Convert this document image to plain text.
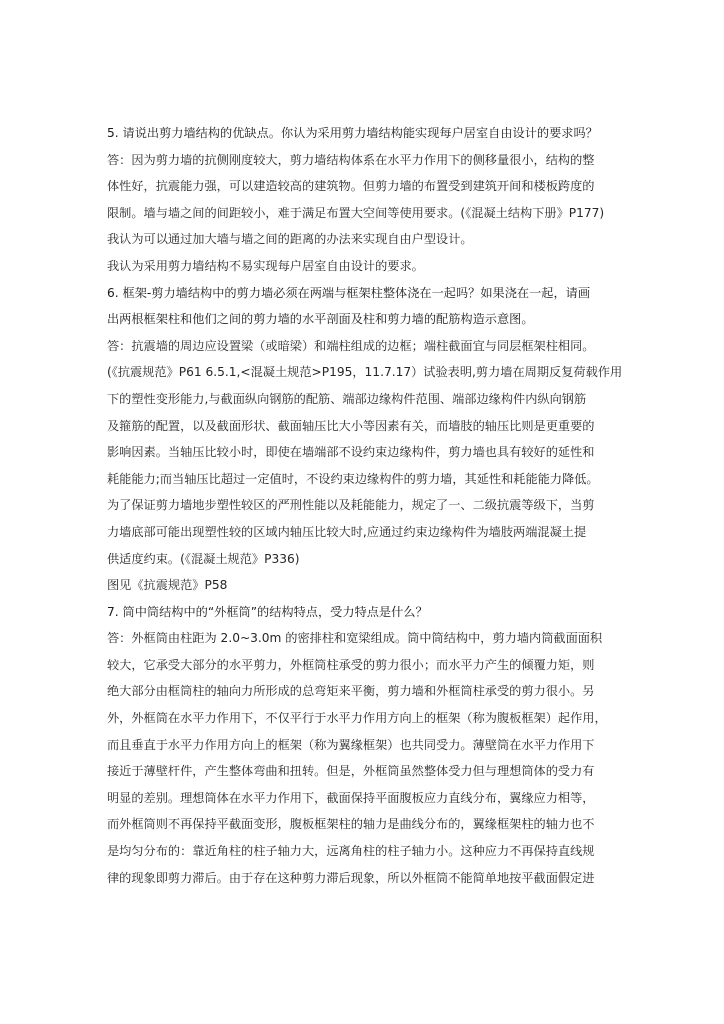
5. 请说出剪力墙结构的优缺点。你认为采用剪力墙结构能实现每户居室自由设计的要求吗？
答：因为剪力墙的抗侧刚度较大，剪力墙结构体系在水平力作用下的侧移量很小，结构的整
体性好，抗震能力强，可以建造较高的建筑物。但剪力墙的布置受到建筑开间和楼板跨度的
限制。墙与墙之间的间距较小，难于满足布置大空间等使用要求。(《混凝土结构下册》P177)
我认为可以通过加大墙与墙之间的距离的办法来实现自由户型设计。
我认为采用剪力墙结构不易实现每户居室自由设计的要求。
6. 框架-剪力墙结构中的剪力墙必须在两端与框架柱整体浇在一起吗？如果浇在一起，请画
出两根框架柱和他们之间的剪力墙的水平剖面及柱和剪力墙的配筋构造示意图。
答：抗震墙的周边应设置梁（或暗梁）和端柱组成的边框；端柱截面宜与同层框架柱相同。
(《抗震规范》P61 6.5.1,<混凝土规范>P195，11.7.17）试验表明,剪力墙在周期反复荷载作用
下的塑性变形能力,与截面纵向钢筋的配筋、端部边缘构件范围、端部边缘构件内纵向钢筋
及箍筋的配置，以及截面形状、截面轴压比大小等因素有关，而墙肢的轴压比则是更重要的
影响因素。当轴压比较小时，即使在墙端部不设约束边缘构件，剪力墙也具有较好的延性和
耗能能力;而当轴压比超过一定值时，不设约束边缘构件的剪力墙，其延性和耗能能力降低。
为了保证剪力墙地步塑性较区的严刑性能以及耗能能力，规定了一、二级抗震等级下，当剪
力墙底部可能出现塑性较的区域内轴压比较大时,应通过约束边缘构件为墙肢两端混凝土提
供适度约束。(《混凝土规范》P336)
图见《抗震规范》P58
7. 筒中筒结构中的“外框筒”的结构特点，受力特点是什么？
答：外框筒由柱距为 2.0~3.0m 的密排柱和宽梁组成。筒中筒结构中，剪力墙内筒截面面积
较大，它承受大部分的水平剪力，外框筒柱承受的剪力很小；而水平力产生的倾覆力矩，则
绝大部分由框筒柱的轴向力所形成的总弯矩来平衡，剪力墙和外框筒柱承受的剪力很小。另
外，外框筒在水平力作用下，不仅平行于水平力作用方向上的框架（称为腹板框架）起作用，
而且垂直于水平力作用方向上的框架（称为翼缘框架）也共同受力。薄壁筒在水平力作用下
接近于薄壁杆件，产生整体弯曲和扭转。但是，外框筒虽然整体受力但与理想筒体的受力有
明显的差别。理想筒体在水平力作用下，截面保持平面腹板应力直线分布，翼缘应力相等，
而外框筒则不再保持平截面变形，腹板框架柱的轴力是曲线分布的，翼缘框架柱的轴力也不
是均匀分布的：靠近角柱的柱子轴力大，远离角柱的柱子轴力小。这种应力不再保持直线规
律的现象即剪力滞后。由于存在这种剪力滞后现象，所以外框筒不能简单地按平截面假定进
